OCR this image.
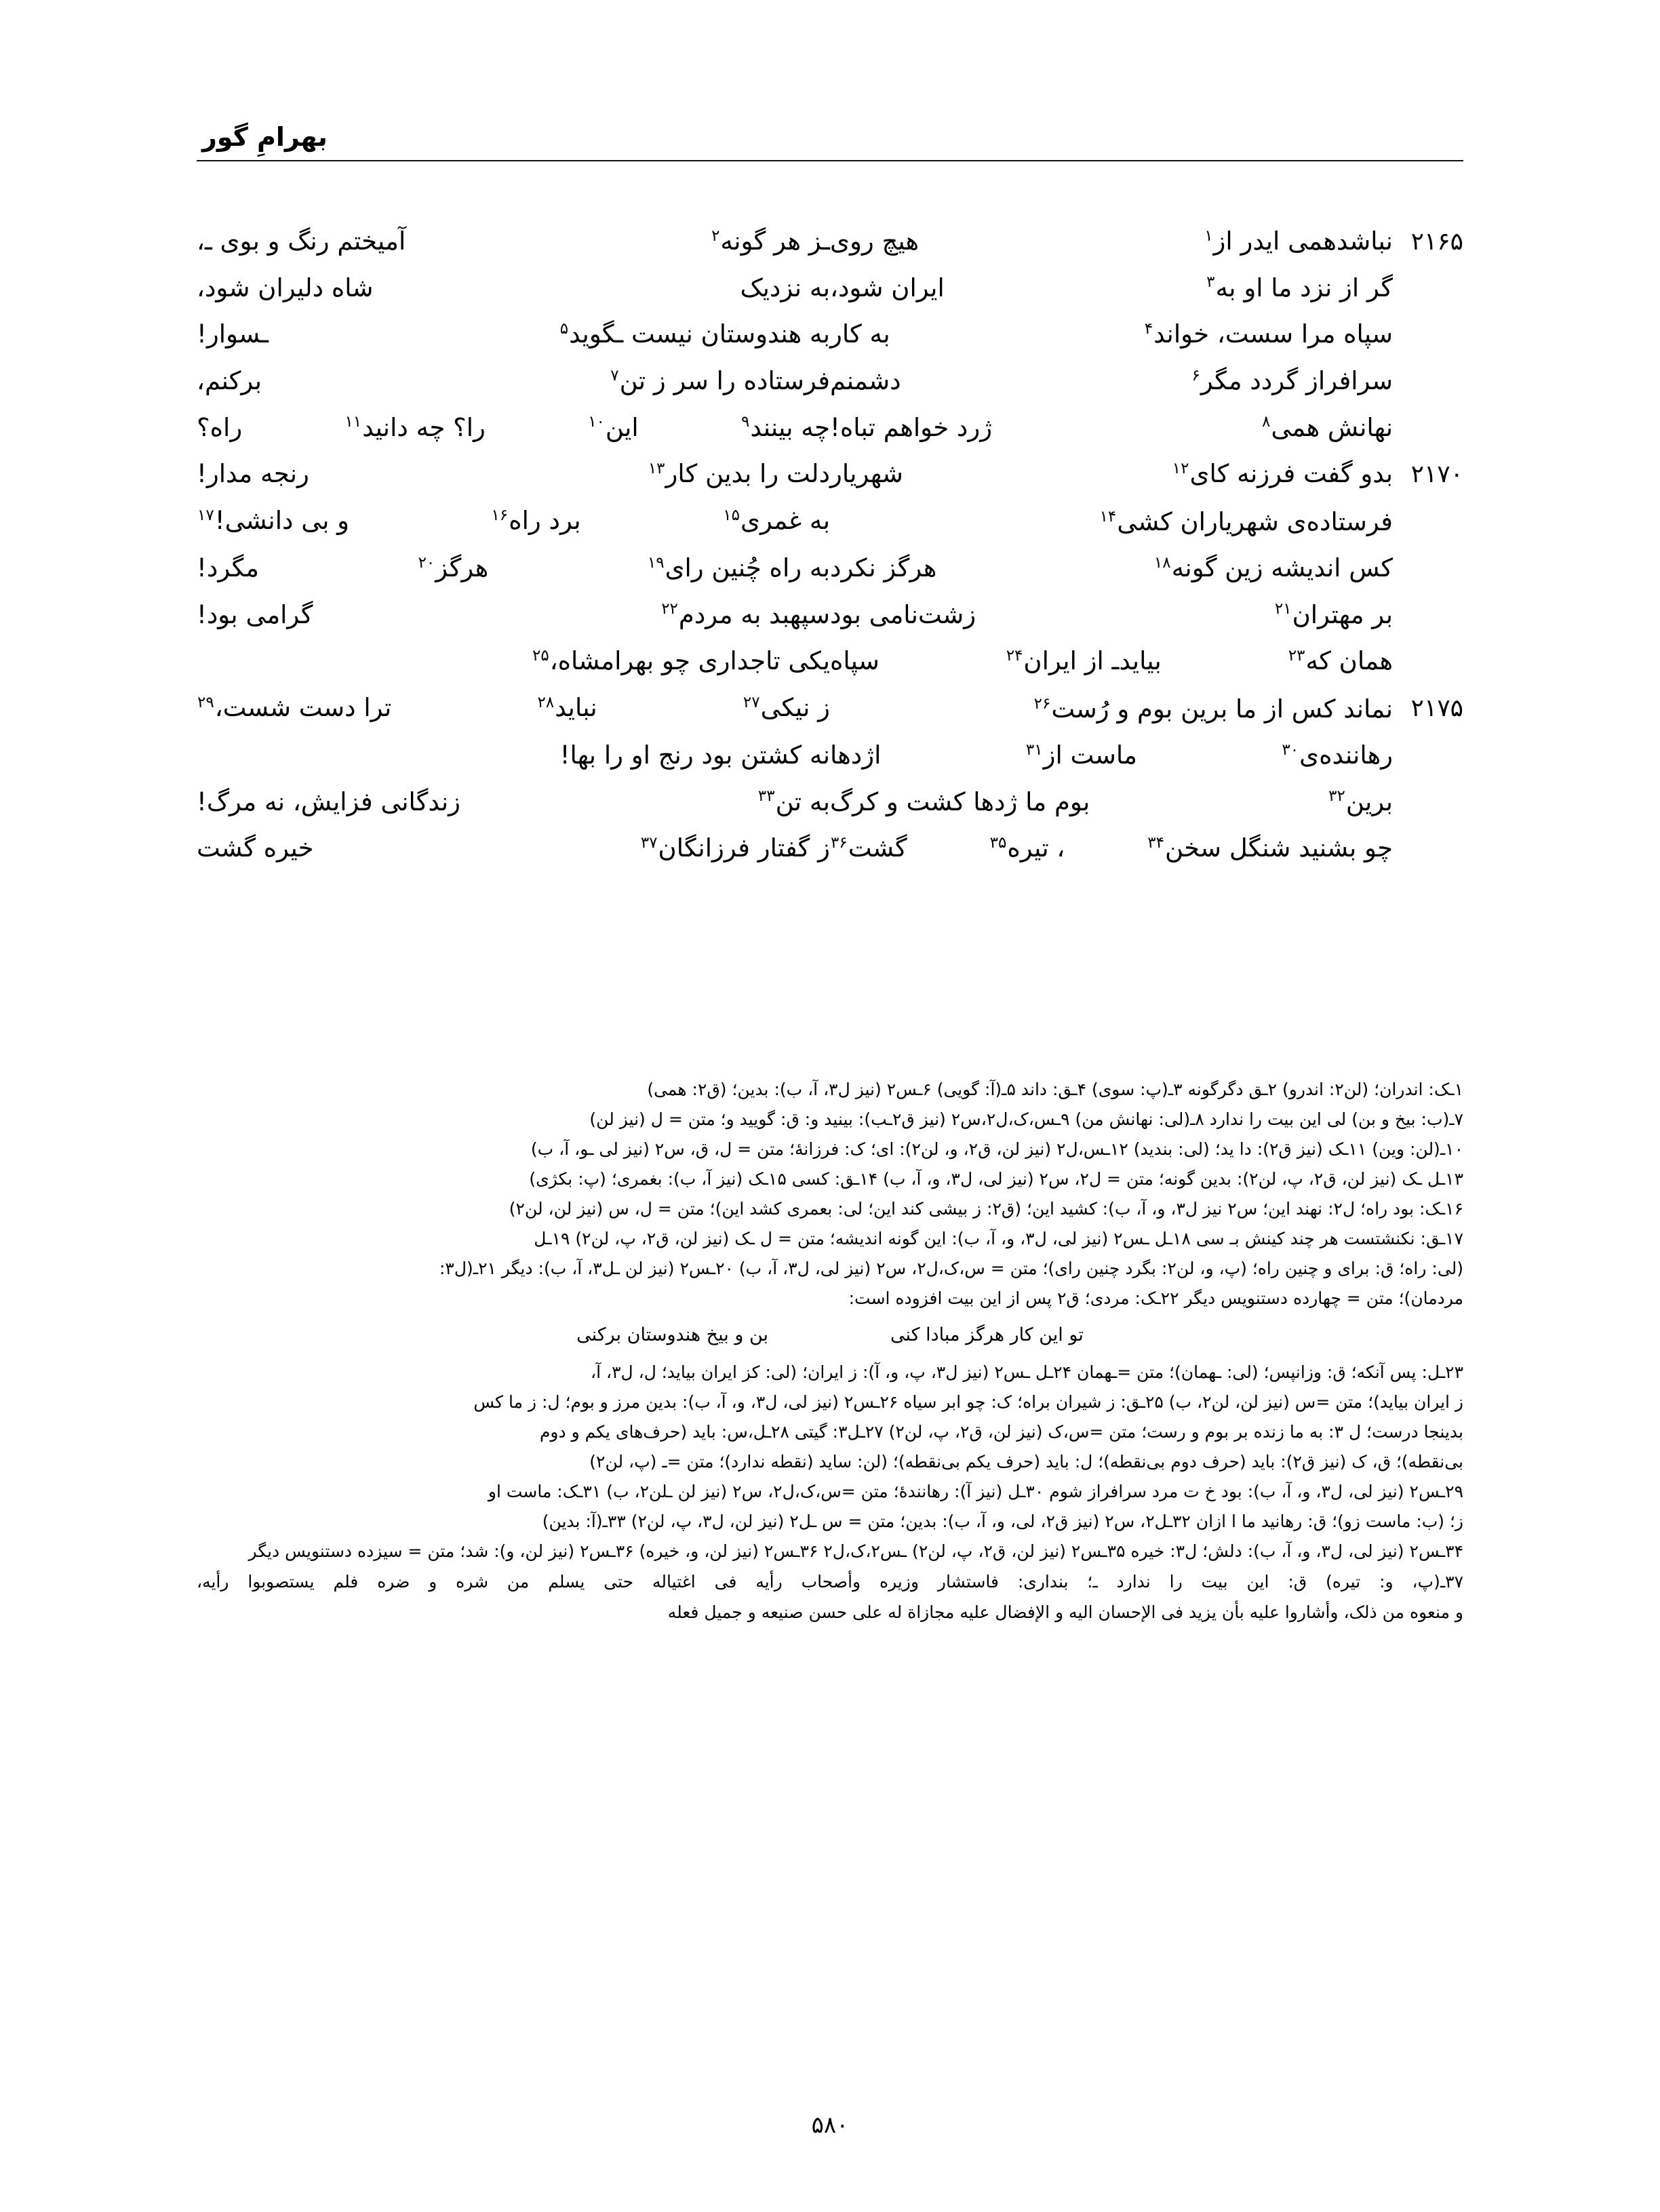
بهرامِ گور
۲۱۶۵نباشدهمی ایدر از$^۱$
هیچ روی
ـز هر گونه$^۲$
آمیختم رنگ و بوی ـ،
گر از نزد ما او به$^۳$
ایران شود،
به نزدیک
شاه دلیران شود،
سپاه مرا سست، خواند$^۴$
به کار
به هندوستان نیست ـگوید$^۵$
ـسوار!
سرافراز گردد مگر$^۶$
دشمنم
فرستاده را سر ز تن$^۷$
برکنم،
نهانش همی$^۸$
ژرد خواهم تباه!
چه بینند$^۹$
این$^{۱۰}$
را؟ چه دانید$^{۱۱}$
راه؟
۲۱۷۰بدو گفت فرزنه کای$^{۱۲}$
شهریار
دلت را بدین کار$^{۱۳}$
رنجه مدار!
فرستاده‌ی شهریاران کشی$^{۱۴}$
به غمری$^{۱۵}$
برد راه$^{۱۶}$
و بی دانشی!$^{۱۷}$
کس اندیشه زین گونه$^{۱۸}$
هرگز نکرد
به راه چُنین رای$^{۱۹}$
هرگز$^{۲۰}$
مگرد!
بر مهتران$^{۲۱}$
زشت‌نامی بود
سپهبد به مردم$^{۲۲}$
گرامی بود!
همان که$^{۲۳}$
بیایدـ از ایران$^{۲۴}$
سپاه
یکی تاجداری چو بهرامشاه،$^{۲۵}$
۲۱۷۵
نماند کس از ما برین بوم و رُست$^{۲۶}$
ز نیکی$^{۲۷}$
نباید$^{۲۸}$
ترا دست شست،$^{۲۹}$
رهاننده‌ی$^{۳۰}$
ماست از$^{۳۱}$
اژدها
نه کشتن بود رنج او را بها!
برین$^{۳۲}$
بوم ما ژدها کشت و کرگ
به تن$^{۳۳}$
زندگانی فزایش، نه مرگ!
چو بشنید شنگل سخن$^{۳۴}$
، تیره$^{۳۵}$
گشت$^{۳۶}$
ز گفتار فرزانگان$^{۳۷}$
خیره گشت
۱ـک: اندران؛ (لن۲: اندرو) ۲ـق دگرگونه ۳ـ(پ: سوی) ۴ـق: داند ۵ـ(آ: گویی) ۶ـس۲ (نیز ل۳، آ، ب): بدین؛ (ق۲: همی)
۷ـ(ب: بیخ و بن) لی این بیت را ندارد ۸ـ(لی: نهانش من) ۹ـس،ک،ل۲،س۲ (نیز ق۲ـب): بینید و: ق: گویید و؛ متن = ل (نیز لن)
۱۰ـ(لن: وین) ۱۱ـک (نیز ق۲): دا ید؛ (لی: بندید) ۱۲ـس،ل۲ (نیز لن، ق۲، و، لن۲): ای؛ ک: فرزانۀ؛ متن = ل، ق، س۲ (نیز لی ـو، آ، ب)
۱۳ـل ـک (نیز لن، ق۲، پ، لن۲): بدین گونه؛ متن = ل۲، س۲ (نیز لی، ل۳، و، آ، ب) ۱۴ـق: کسی ۱۵ـک (نیز آ، ب): بغمری؛ (پ: بکژی)
۱۶ـک: بود راه؛ ل۲: نهند این؛ س۲ نیز ل۳، و، آ، ب): کشید این؛ (ق۲: ز بیشی کند این؛ لی: بعمری کشد این)؛ متن = ل، س (نیز لن، لن۲)
۱۷ـق: نکنشتست هر چند کینش بـ سی ۱۸ـل ـس۲ (نیز لی، ل۳، و، آ، ب): این گونه اندیشه؛ متن = ل ـک (نیز لن، ق۲، پ، لن۲) ۱۹ـل
(لی: راه؛ ق: برای و چنین راه؛ (پ، و، لن۲: بگرد چنین رای)؛ متن = س،ک،ل۲، س۲ (نیز لی، ل۳، آ، ب) ۲۰ـس۲ (نیز لن ـل۳، آ، ب): دیگر ۲۱ـ(ل۳:
مردمان)؛ متن = چهارده دستنویس دیگر ۲۲ـک: مردی؛ ق۲ پس از این بیت افزوده است:
تو این کار هرگز مبادا کنی
بن و بیخ هندوستان برکنی
۲۳ـل: پس آنکه؛ ق: وزانپس؛ (لی: ـهمان)؛ متن =ـهمان ۲۴ـل ـس۲ (نیز ل۳، پ، و، آ): ز ایران؛ (لی: کز ایران بیاید؛ ل، ل۳، آ،
ز ایران بیاید)؛ متن =س (نیز لن، لن۲، ب) ۲۵ـق: ز شیران براه؛ ک: چو ابر سیاه ۲۶ـس۲ (نیز لی، ل۳، و، آ، ب): بدین مرز و بوم؛ ل: ز ما کس
بدینجا درست؛ ل ۳: به ما زنده بر بوم و رست؛ متن =س،ک (نیز لن، ق۲، پ، لن۲) ۲۷ـل۳: گیتی ۲۸ـل،س: باید (حرف‌های یکم و دوم
بی‌نقطه)؛ ق، ک (نیز ق۲): باید (حرف دوم بی‌نقطه)؛ ل: باید (حرف یکم بی‌نقطه)؛ (لن: ساید (نقطه ندارد)؛ متن =ـ (پ، لن۲)
۲۹ـس۲ (نیز لی، ل۳، و، آ، ب): بود خ ت مرد سرافراز شوم ۳۰ـل (نیز آ): رهانندۀ؛ متن =س،ک،ل۲، س۲ (نیز لن ـلن۲، ب) ۳۱ـک: ماست او
ز؛ (ب: ماست زو)؛ ق: رهانید ما ا ازان ۳۲ـل۲، س۲ (نیز ق۲، لی، و، آ، ب): بدین؛ متن = س ـل۲ (نیز لن، ل۳، پ، لن۲) ۳۳ـ(آ: بدین)
۳۴ـس۲ (نیز لی، ل۳، و، آ، ب): دلش؛ ل۳: خیره ۳۵ـس۲ (نیز لن، ق۲، پ، لن۲) ـس۲،ک،ل۲ ۳۶ـس۲ (نیز لن، و، خیره) ۳۶ـس۲ (نیز لن، و): شد؛ متن = سیزده دستنویس دیگر
۳۷ـ(پ، و: تیره) ق: این بیت را ندارد ـ؛ بنداری: فاستشار وزیره وأصحاب رأیه فی اغتیاله حتی یسلم من شره و ضره فلم یستصوبوا رأیه،
و منعوه من ذلک، وأشاروا علیه بأن یزید فی الإحسان الیه و الإفضال علیه مجازاة له علی حسن صنیعه و جمیل فعله
۵۸۰
